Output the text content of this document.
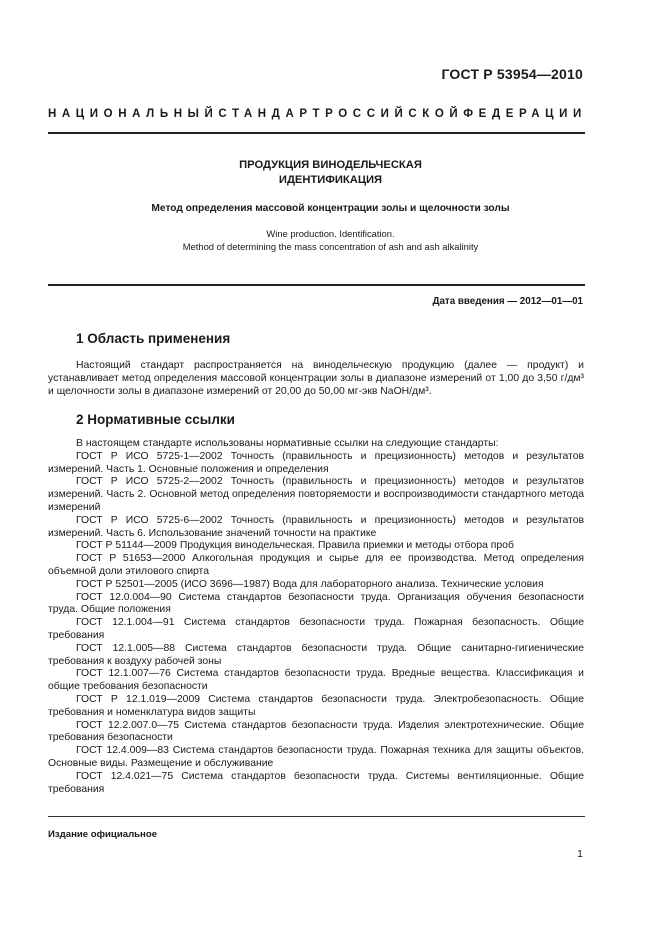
ГОСТ Р 53954—2010
НАЦИОНАЛЬНЫЙ СТАНДАРТ РОССИЙСКОЙ ФЕДЕРАЦИИ
ПРОДУКЦИЯ ВИНОДЕЛЬЧЕСКАЯ
ИДЕНТИФИКАЦИЯ
Метод определения массовой концентрации золы и щелочности золы
Wine production. Identification.
Method of determining the mass concentration of ash and ash alkalinity
Дата введения — 2012—01—01
1 Область применения

Настоящий стандарт распространяется на винодельческую продукцию (далее — продукт) и устанавливает метод определения массовой концентрации золы в диапазоне измерений от 1,00 до 3,50 г/дм³ и щелочности золы в диапазоне измерений от 20,00 до 50,00 мг-экв NaOH/дм³.

2 Нормативные ссылки

В настоящем стандарте использованы нормативные ссылки на следующие стандарты:

ГОСТ Р ИСО 5725-1—2002 Точность (правильность и прецизионность) методов и результатов измерений. Часть 1. Основные положения и определения

ГОСТ Р ИСО 5725-2—2002 Точность (правильность и прецизионность) методов и результатов измерений. Часть 2. Основной метод определения повторяемости и воспроизводимости стандартного метода измерений

ГОСТ Р ИСО 5725-6—2002 Точность (правильность и прецизионность) методов и результатов измерений. Часть 6. Использование значений точности на практике

ГОСТ Р 51144—2009 Продукция винодельческая. Правила приемки и методы отбора проб

ГОСТ Р 51653—2000 Алкогольная продукция и сырье для ее производства. Метод определения объемной доли этилового спирта

ГОСТ Р 52501—2005 (ИСО 3696—1987) Вода для лабораторного анализа. Технические условия

ГОСТ 12.0.004—90 Система стандартов безопасности труда. Организация обучения безопасности труда. Общие положения

ГОСТ 12.1.004—91 Система стандартов безопасности труда. Пожарная безопасность. Общие требования

ГОСТ 12.1.005—88 Система стандартов безопасности труда. Общие санитарно-гигиенические требования к воздуху рабочей зоны

ГОСТ 12.1.007—76 Система стандартов безопасности труда. Вредные вещества. Классификация и общие требования безопасности

ГОСТ Р 12.1.019—2009 Система стандартов безопасности труда. Электробезопасность. Общие требования и номенклатура видов защиты

ГОСТ 12.2.007.0—75 Система стандартов безопасности труда. Изделия электротехнические. Общие требования безопасности

ГОСТ 12.4.009—83 Система стандартов безопасности труда. Пожарная техника для защиты объектов. Основные виды. Размещение и обслуживание

ГОСТ 12.4.021—75 Система стандартов безопасности труда. Системы вентиляционные. Общие требования

Издание официальное
1
